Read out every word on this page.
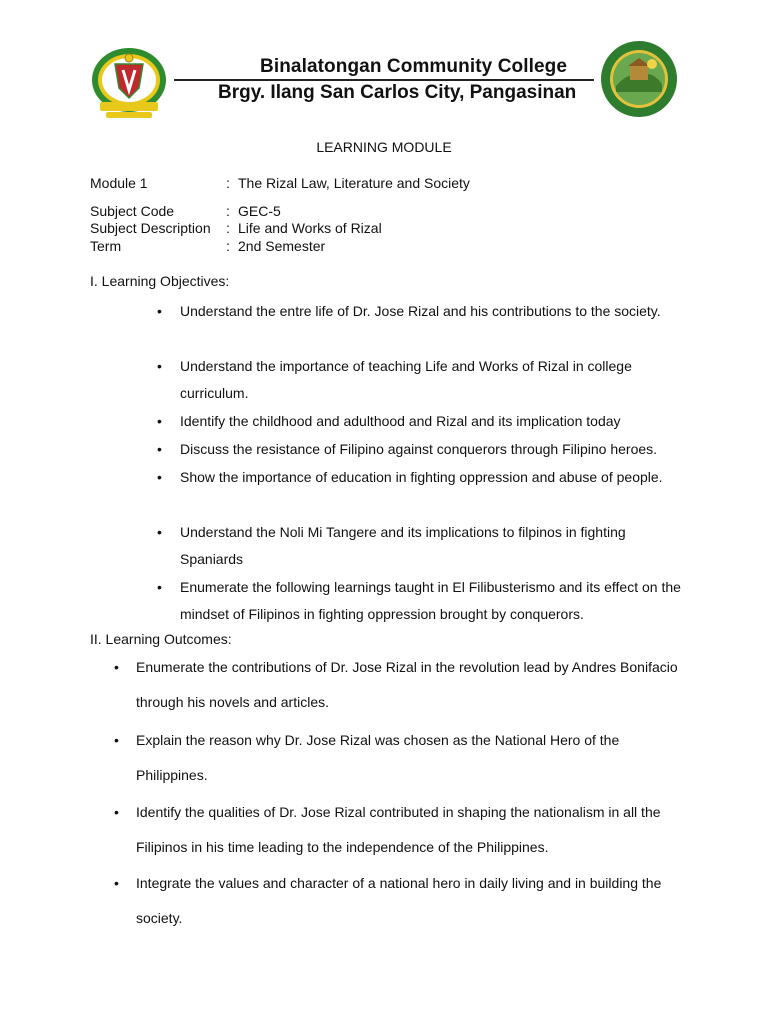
Binalatongan Community College
Brgy. Ilang San Carlos City, Pangasinan
LEARNING MODULE
Module 1	: The Rizal Law, Literature and Society
Subject Code	: GEC-5
Subject Description : Life and Works of Rizal
Term	: 2nd Semester
I. Learning Objectives:
• Understand the entre life of Dr. Jose Rizal and his contributions to the society.
• Understand the importance of teaching Life and Works of Rizal in college curriculum.
• Identify the childhood and adulthood and Rizal and its implication today
• Discuss the resistance of Filipino against conquerors through Filipino heroes.
• Show the importance of education in fighting oppression and abuse of people.
• Understand the Noli Mi Tangere and its implications to filpinos in fighting Spaniards
• Enumerate the following learnings taught in El Filibusterismo and its effect on the mindset of Filipinos in fighting oppression brought by conquerors.
II. Learning Outcomes:
• Enumerate the contributions of Dr. Jose Rizal in the revolution lead by Andres Bonifacio through his novels and articles.
• Explain the reason why Dr. Jose Rizal was chosen as the National Hero of the Philippines.
• Identify the qualities of Dr. Jose Rizal contributed in shaping the nationalism in all the Filipinos in his time leading to the independence of the Philippines.
• Integrate the values and character of a national hero in daily living and in building the society.
